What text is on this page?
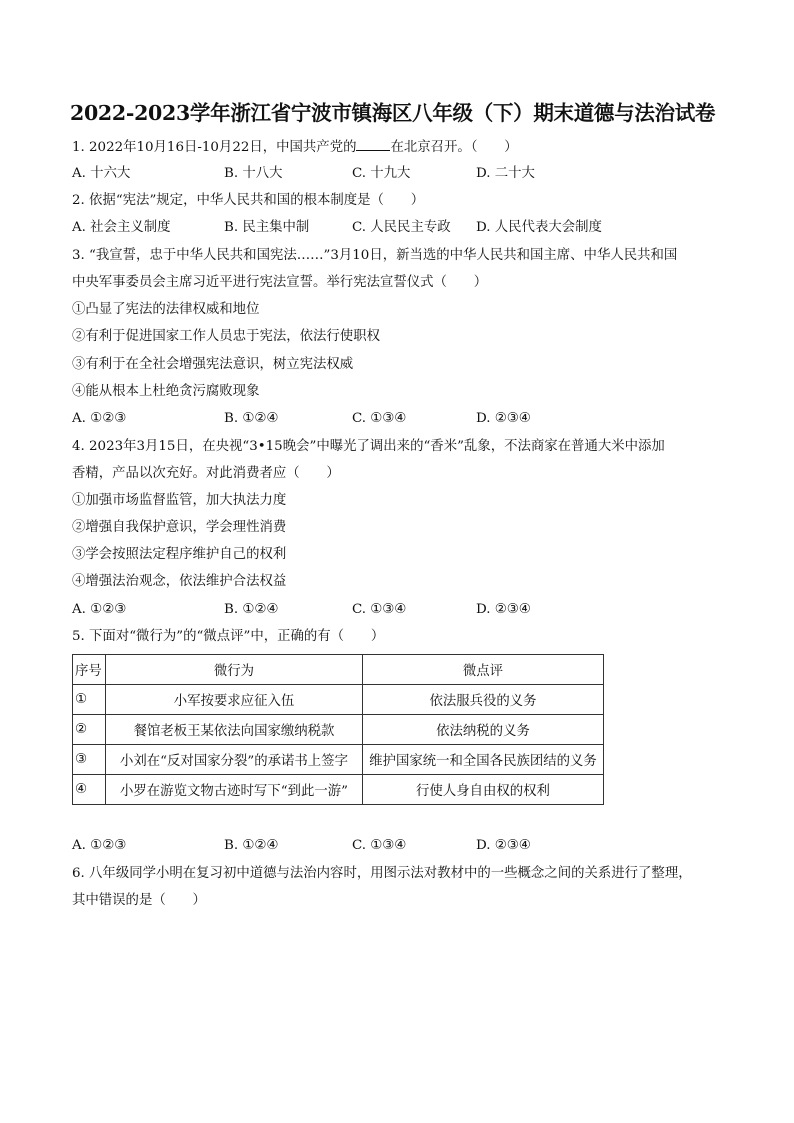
2022-2023学年浙江省宁波市镇海区八年级（下）期末道德与法治试卷
1. 2022年10月16日-10月22日，中国共产党的	在北京召开。（　　）
A. 十六大	B. 十八大	C. 十九大	D. 二十大
2. 依据“宪法”规定，中华人民共和国的根本制度是（　　）
A. 社会主义制度	B. 民主集中制	C. 人民民主专政 D. 人民代表大会制度
3. “我宣誓，忠于中华人民共和国宪法……”3月10日，新当选的中华人民共和国主席、中华人民共和国
中央军事委员会主席习近平进行宪法宣誓。举行宪法宣誓仪式（　　）
①凸显了宪法的法律权威和地位
②有利于促进国家工作人员忠于宪法，依法行使职权
③有利于在全社会增强宪法意识，树立宪法权威
④能从根本上杜绝贪污腐败现象
A. ①②③	B. ①②④	C. ①③④	D. ②③④
4. 2023年3月15日，在央视“3•15晚会”中曝光了调出来的“香米”乱象，不法商家在普通大米中添加
香精，产品以次充好。对此消费者应（　　）
①加强市场监督监管，加大执法力度
②增强自我保护意识，学会理性消费
③学会按照法定程序维护自己的权利
④增强法治观念，依法维护合法权益
A. ①②③	B. ①②④	C. ①③④	D. ②③④
5. 下面对“微行为”的“微点评”中，正确的有（　　）
序号	微行为	微点评
①	小军按要求应征入伍	依法服兵役的义务
②	餐馆老板王某依法向国家缴纳税款	依法纳税的义务
③	小刘在“反对国家分裂”的承诺书上签字	维护国家统一和全国各民族团结的义务
④	小罗在游览文物古迹时写下“到此一游”	行使人身自由权的权利
A. ①②③	B. ①②④	C. ①③④	D. ②③④
6. 八年级同学小明在复习初中道德与法治内容时，用图示法对教材中的一些概念之间的关系进行了整理，
其中错误的是（　　）
